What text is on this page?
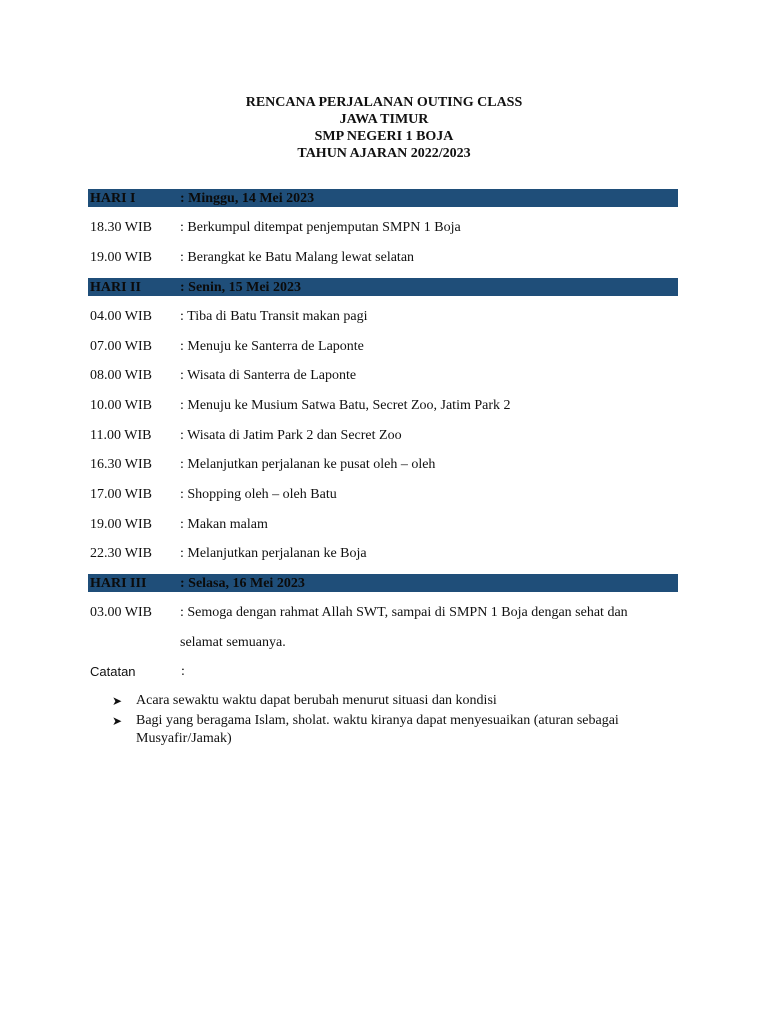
RENCANA PERJALANAN OUTING CLASS
JAWA TIMUR
SMP NEGERI 1 BOJA
TAHUN AJARAN 2022/2023
HARI I	: Minggu, 14 Mei 2023
18.30 WIB : Berkumpul ditempat penjemputan SMPN 1 Boja
19.00 WIB : Berangkat ke Batu Malang lewat selatan
HARI II	: Senin, 15 Mei 2023
04.00 WIB : Tiba di Batu Transit makan pagi
07.00 WIB : Menuju ke Santerra de Laponte
08.00 WIB : Wisata di Santerra de Laponte
10.00 WIB : Menuju ke Musium Satwa Batu, Secret Zoo, Jatim Park 2
11.00 WIB : Wisata di Jatim Park 2 dan Secret Zoo
16.30 WIB : Melanjutkan perjalanan ke pusat oleh – oleh
17.00 WIB : Shopping oleh – oleh Batu
19.00 WIB : Makan malam
22.30 WIB : Melanjutkan perjalanan ke Boja
HARI III : Selasa, 16 Mei 2023
03.00 WIB : Semoga dengan rahmat Allah SWT, sampai di SMPN 1 Boja dengan sehat dan selamat semuanya.
Catatan	:
➤ Acara sewaktu waktu dapat berubah menurut situasi dan kondisi
➤ Bagi yang beragama Islam, sholat. waktu kiranya dapat menyesuaikan (aturan sebagai Musyafir/Jamak)
